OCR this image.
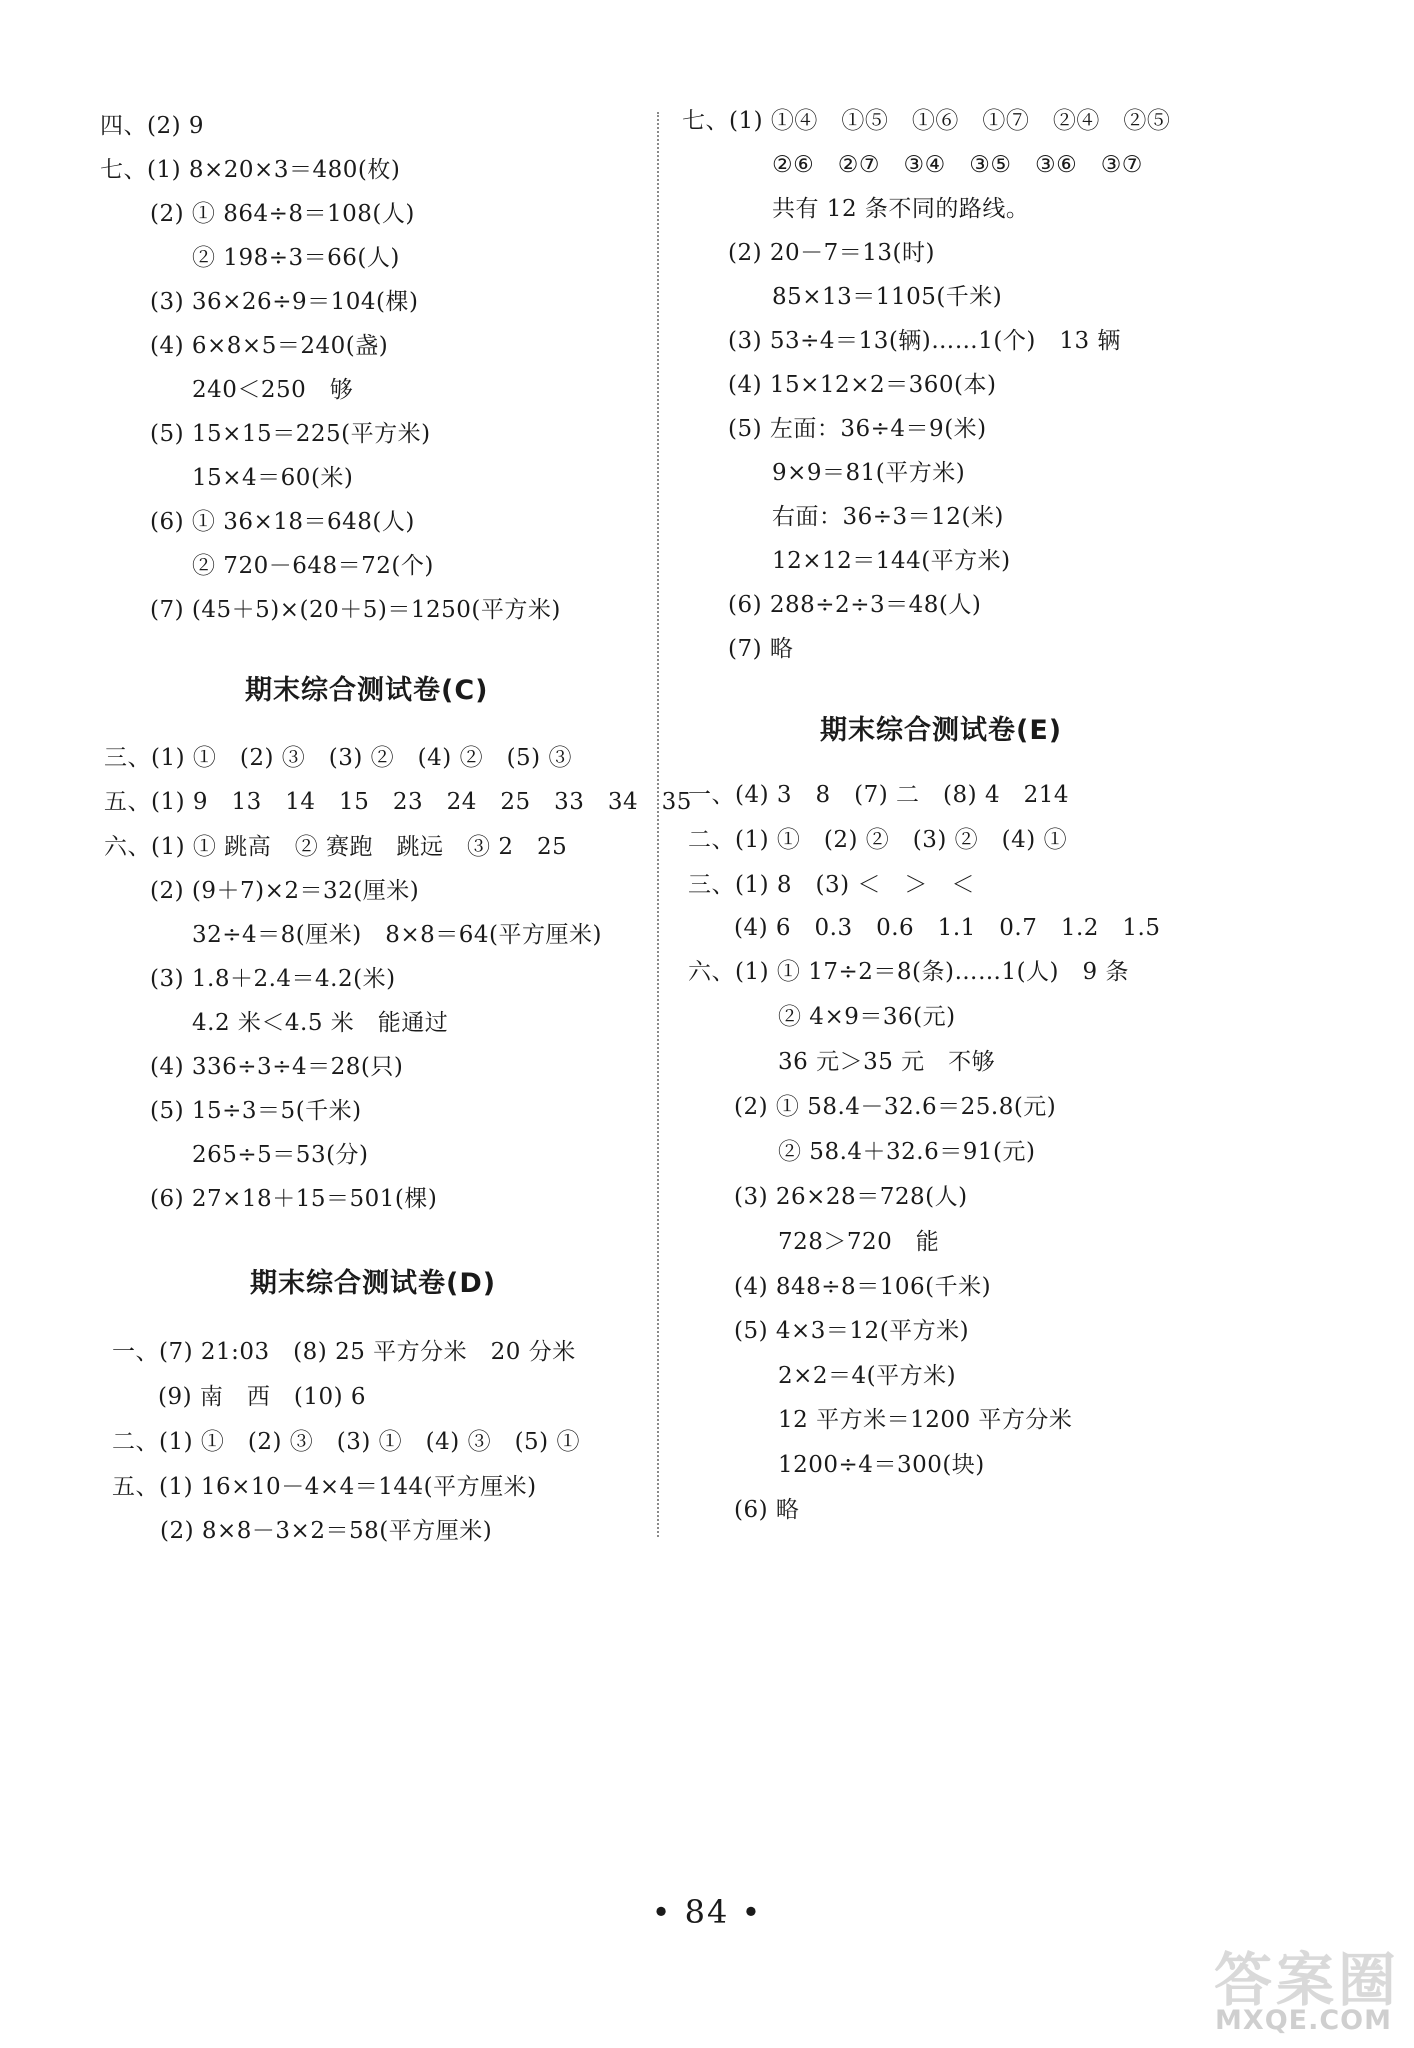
四、(2) 9
七、(1) 8×20×3＝480(枚)
(2) ① 864÷8＝108(人)
② 198÷3＝66(人)
(3) 36×26÷9＝104(棵)
(4) 6×8×5＝240(盏)
240＜250　够
(5) 15×15＝225(平方米)
15×4＝60(米)
(6) ① 36×18＝648(人)
② 720－648＝72(个)
(7) (45＋5)×(20＋5)＝1250(平方米)
期末综合测试卷(C)
三、(1) ①　(2) ③　(3) ②　(4) ②　(5) ③
五、(1) 9　13　14　15　23　24　25　33　34　35
六、(1) ① 跳高　② 赛跑　跳远　③ 2　25
(2) (9＋7)×2＝32(厘米)
32÷4＝8(厘米)　8×8＝64(平方厘米)
(3) 1.8＋2.4＝4.2(米)
4.2 米＜4.5 米　能通过
(4) 336÷3÷4＝28(只)
(5) 15÷3＝5(千米)
265÷5＝53(分)
(6) 27×18＋15＝501(棵)
期末综合测试卷(D)
一、(7) 21:03　(8) 25 平方分米　20 分米
(9) 南　西　(10) 6
二、(1) ①　(2) ③　(3) ①　(4) ③　(5) ①
五、(1) 16×10－4×4＝144(平方厘米)
(2) 8×8－3×2＝58(平方厘米)
七、(1) ①④　①⑤　①⑥　①⑦　②④　②⑤
②⑥　②⑦　③④　③⑤　③⑥　③⑦
共有 12 条不同的路线。
(2) 20－7＝13(时)
85×13＝1105(千米)
(3) 53÷4＝13(辆)……1(个)　13 辆
(4) 15×12×2＝360(本)
(5) 左面：36÷4＝9(米)
9×9＝81(平方米)
右面：36÷3＝12(米)
12×12＝144(平方米)
(6) 288÷2÷3＝48(人)
(7) 略
期末综合测试卷(E)
一、(4) 3　8　(7) 二　(8) 4　214
二、(1) ①　(2) ②　(3) ②　(4) ①
三、(1) 8　(3) ＜　＞　＜
(4) 6　0.3　0.6　1.1　0.7　1.2　1.5
六、(1) ① 17÷2＝8(条)……1(人)　9 条
② 4×9＝36(元)
36 元＞35 元　不够
(2) ① 58.4－32.6＝25.8(元)
② 58.4＋32.6＝91(元)
(3) 26×28＝728(人)
728＞720　能
(4) 848÷8＝106(千米)
(5) 4×3＝12(平方米)
2×2＝4(平方米)
12 平方米＝1200 平方分米
1200÷4＝300(块)
(6) 略
• 84 •
答案圈
MXQE.COM
